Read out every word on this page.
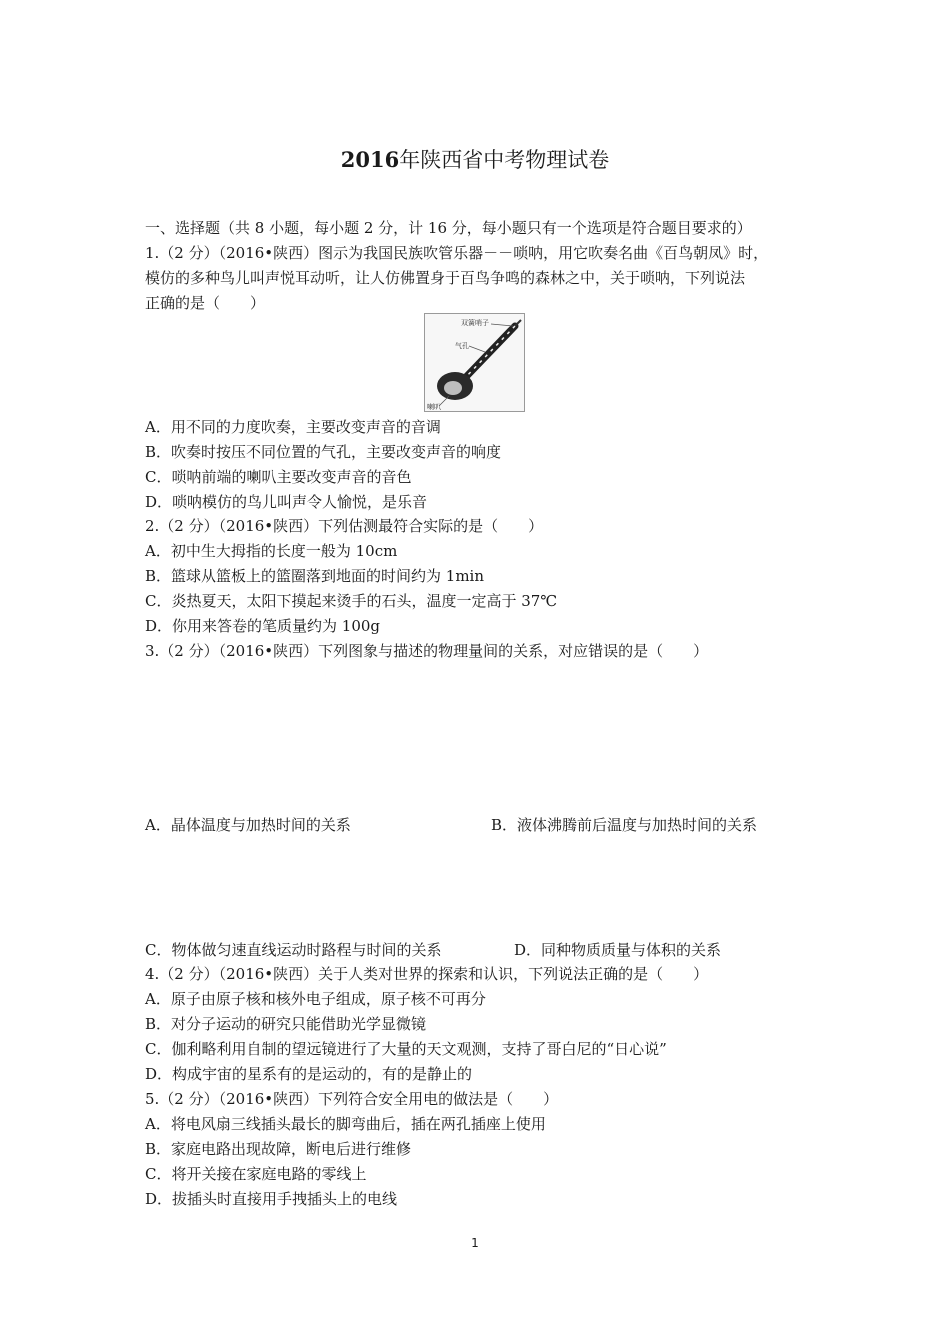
2016年陕西省中考物理试卷
一、选择题（共 8 小题，每小题 2 分，计 16 分，每小题只有一个选项是符合题目要求的）
1.（2 分）（2016•陕西）图示为我国民族吹管乐器－－唢呐，用它吹奏名曲《百鸟朝凤》时，
模仿的多种鸟儿叫声悦耳动听，让人仿佛置身于百鸟争鸣的森林之中，关于唢呐，下列说法
正确的是（　　）
双簧哨子
气孔
喇叭
A．用不同的力度吹奏，主要改变声音的音调
B．吹奏时按压不同位置的气孔，主要改变声音的响度
C．唢呐前端的喇叭主要改变声音的音色
D．唢呐模仿的鸟儿叫声令人愉悦，是乐音
2.（2 分）（2016•陕西）下列估测最符合实际的是（　　）
A．初中生大拇指的长度一般为 10cm
B．篮球从篮板上的篮圈落到地面的时间约为 1min
C．炎热夏天，太阳下摸起来烫手的石头，温度一定高于 37℃
D．你用来答卷的笔质量约为 100g
3.（2 分）（2016•陕西）下列图象与描述的物理量间的关系，对应错误的是（　　）
A．晶体温度与加热时间的关系	B．液体沸腾前后温度与加热时间的关系
C．物体做匀速直线运动时路程与时间的关系	D．同种物质质量与体积的关系
4.（2 分）（2016•陕西）关于人类对世界的探索和认识，下列说法正确的是（　　）
A．原子由原子核和核外电子组成，原子核不可再分
B．对分子运动的研究只能借助光学显微镜
C．伽利略利用自制的望远镜进行了大量的天文观测，支持了哥白尼的“日心说”
D．构成宇宙的星系有的是运动的，有的是静止的
5.（2 分）（2016•陕西）下列符合安全用电的做法是（　　）
A．将电风扇三线插头最长的脚弯曲后，插在两孔插座上使用
B．家庭电路出现故障，断电后进行维修
C．将开关接在家庭电路的零线上
D．拔插头时直接用手拽插头上的电线
1
